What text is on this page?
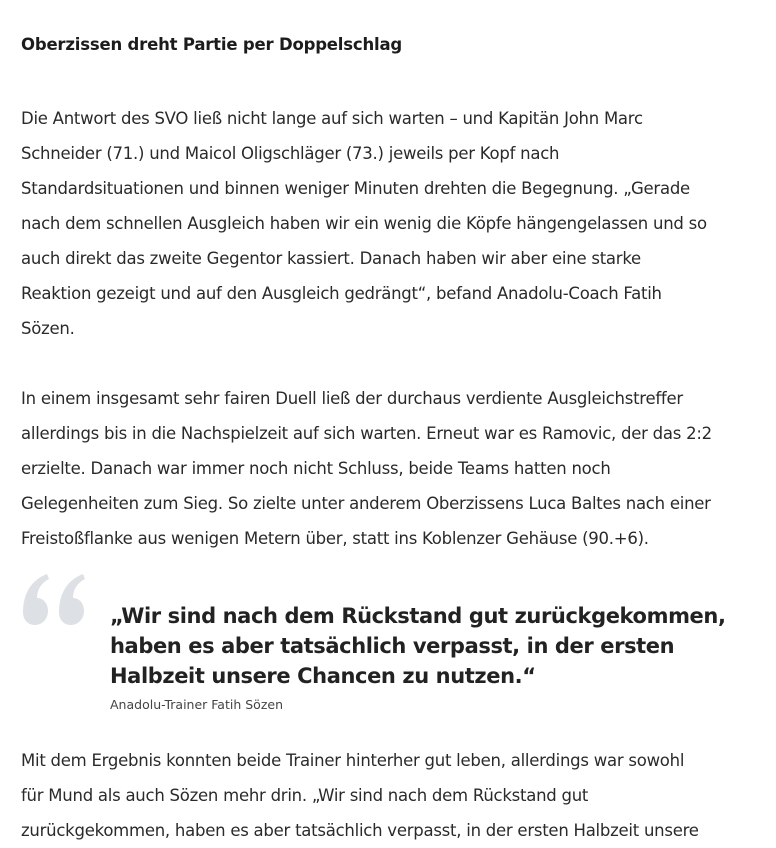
Oberzissen dreht Partie per Doppelschlag

Die Antwort des SVO ließ nicht lange auf sich warten – und Kapitän John Marc
Schneider (71.) und Maicol Oligschläger (73.) jeweils per Kopf nach
Standardsituationen und binnen weniger Minuten drehten die Begegnung. „Gerade
nach dem schnellen Ausgleich haben wir ein wenig die Köpfe hängengelassen und so
auch direkt das zweite Gegentor kassiert. Danach haben wir aber eine starke
Reaktion gezeigt und auf den Ausgleich gedrängt“, befand Anadolu-Coach Fatih
Sözen.

In einem insgesamt sehr fairen Duell ließ der durchaus verdiente Ausgleichstreffer
allerdings bis in die Nachspielzeit auf sich warten. Erneut war es Ramovic, der das 2:2
erzielte. Danach war immer noch nicht Schluss, beide Teams hatten noch
Gelegenheiten zum Sieg. So zielte unter anderem Oberzissens Luca Baltes nach einer
Freistoßflanke aus wenigen Metern über, statt ins Koblenzer Gehäuse (90.+6).

Mit dem Ergebnis konnten beide Trainer hinterher gut leben, allerdings war sowohl
für Mund als auch Sözen mehr drin. „Wir sind nach dem Rückstand gut
zurückgekommen, haben es aber tatsächlich verpasst, in der ersten Halbzeit unsere

„Wir sind nach dem Rückstand gut zurückgekommen,
haben es aber tatsächlich verpasst, in der ersten
Halbzeit unsere Chancen zu nutzen.“

Anadolu-Trainer Fatih Sözen
